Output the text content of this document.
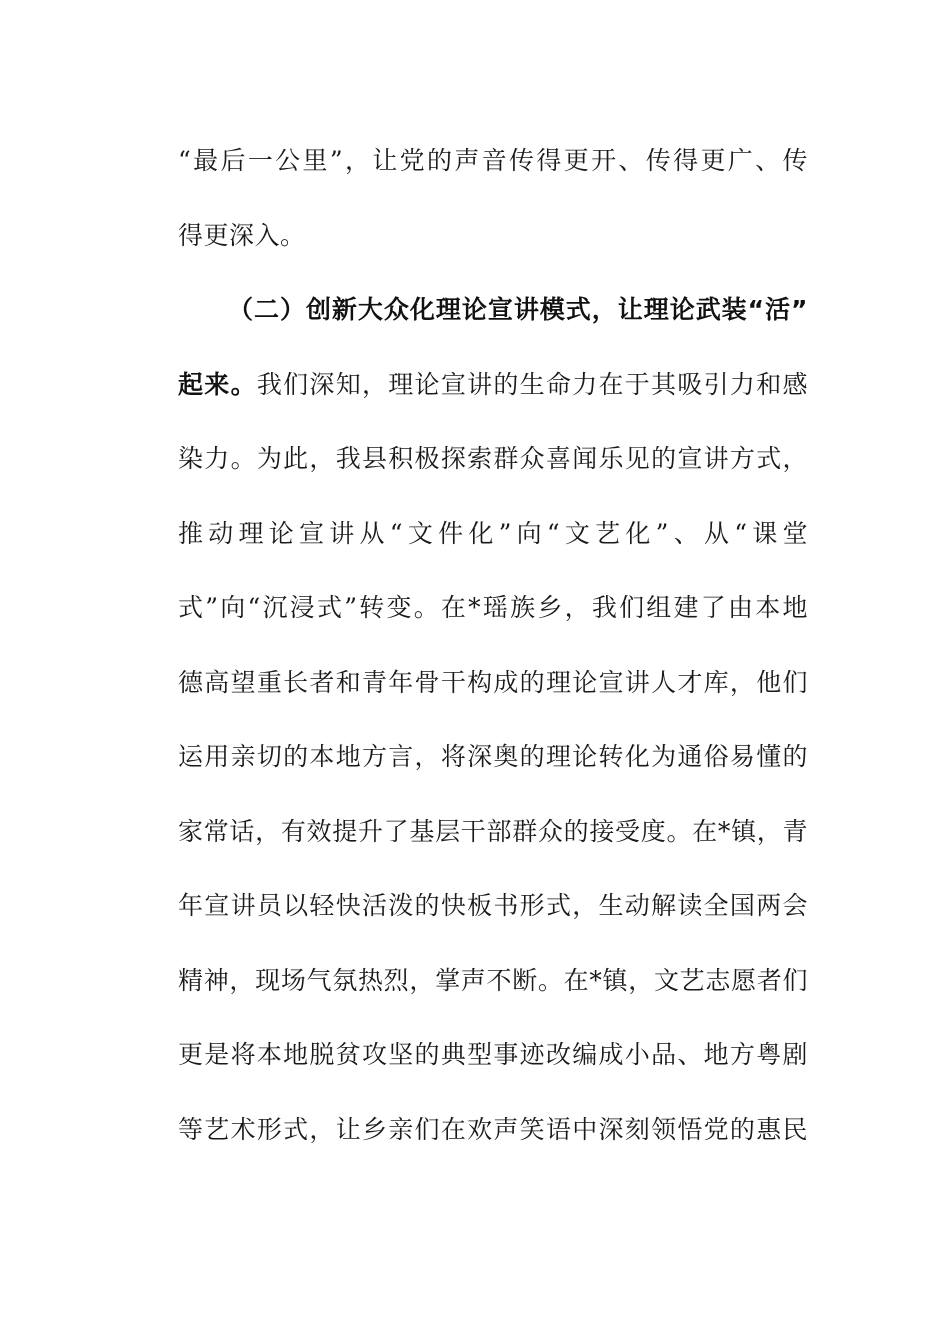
“最后一公里”，让党的声音传得更开、传得更广、传
得更深入。
（二）创新大众化理论宣讲模式，让理论武装“活”
起来。我们深知，理论宣讲的生命力在于其吸引力和感
染力。为此，我县积极探索群众喜闻乐见的宣讲方式，
推动理论宣讲从“文件化”向“文艺化”、从“课堂
式”向“沉浸式”转变。在*瑶族乡，我们组建了由本地
德高望重长者和青年骨干构成的理论宣讲人才库，他们
运用亲切的本地方言，将深奥的理论转化为通俗易懂的
家常话，有效提升了基层干部群众的接受度。在*镇，青
年宣讲员以轻快活泼的快板书形式，生动解读全国两会
精神，现场气氛热烈，掌声不断。在*镇，文艺志愿者们
更是将本地脱贫攻坚的典型事迹改编成小品、地方粤剧
等艺术形式，让乡亲们在欢声笑语中深刻领悟党的惠民
